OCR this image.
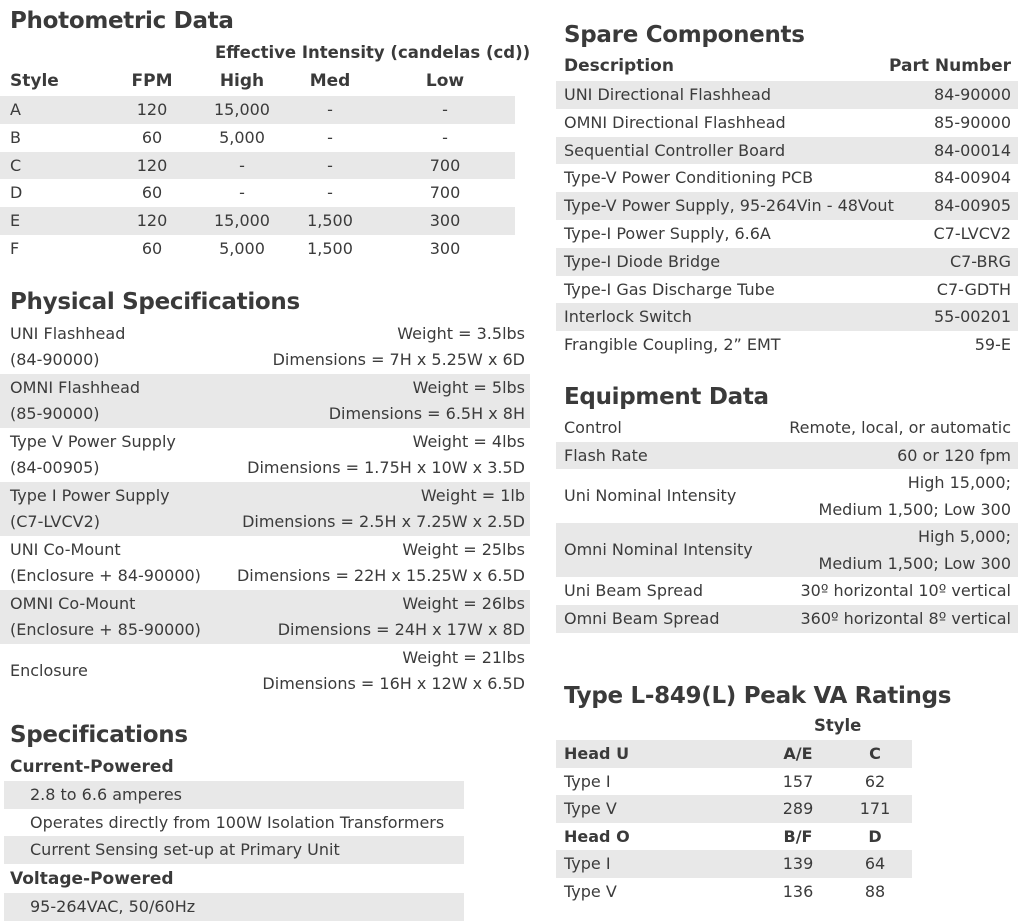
Photometric Data
Effective Intensity (candelas (cd))
Style	FPM	High	Med	Low
A	120	15,000	-	-
B	60	5,000	-	-
C	120	-	-	700
D	60	-	-	700
E	120	15,000	1,500	300
F	60	5,000	1,500	300
Physical Specifications
UNI Flashhead
(84-90000)
Weight = 3.5lbs
Dimensions = 7H x 5.25W x 6D
OMNI Flashhead
(85-90000)
Weight = 5lbs
Dimensions = 6.5H x 8H
Type V Power Supply
(84-00905)
Weight = 4lbs
Dimensions = 1.75H x 10W x 3.5D
Type I Power Supply
(C7-LVCV2)
Weight = 1lb
Dimensions = 2.5H x 7.25W x 2.5D
UNI Co-Mount
(Enclosure + 84-90000)
Weight = 25lbs
Dimensions = 22H x 15.25W x 6.5D
OMNI Co-Mount
(Enclosure + 85-90000)
Weight = 26lbs
Dimensions = 24H x 17W x 8D
Enclosure
Weight = 21lbs
Dimensions = 16H x 12W x 6.5D
Specifications
Current-Powered
2.8 to 6.6 amperes
Operates directly from 100W Isolation Transformers
Current Sensing set-up at Primary Unit
Voltage-Powered
95-264VAC, 50/60Hz
Spare Components
Description	Part Number
UNI Directional Flashhead	84-90000
OMNI Directional Flashhead	85-90000
Sequential Controller Board	84-00014
Type-V Power Conditioning PCB	84-00904
Type-V Power Supply, 95-264Vin - 48Vout	84-00905
Type-I Power Supply, 6.6A	C7-LVCV2
Type-I Diode Bridge	C7-BRG
Type-I Gas Discharge Tube	C7-GDTH
Interlock Switch	55-00201
Frangible Coupling, 2” EMT	59-E
Equipment Data
Control	Remote, local, or automatic
Flash Rate	60 or 120 fpm
Uni Nominal Intensity
High 15,000;
Medium 1,500; Low 300
Omni Nominal Intensity
High 5,000;
Medium 1,500; Low 300
Uni Beam Spread	30º horizontal 10º vertical
Omni Beam Spread	360º horizontal 8º vertical
Type L-849(L) Peak VA Ratings
Style
Head U	A/E	C
Type I	157	62
Type V	289	171
Head O	B/F	D
Type I	139	64
Type V	136	88
